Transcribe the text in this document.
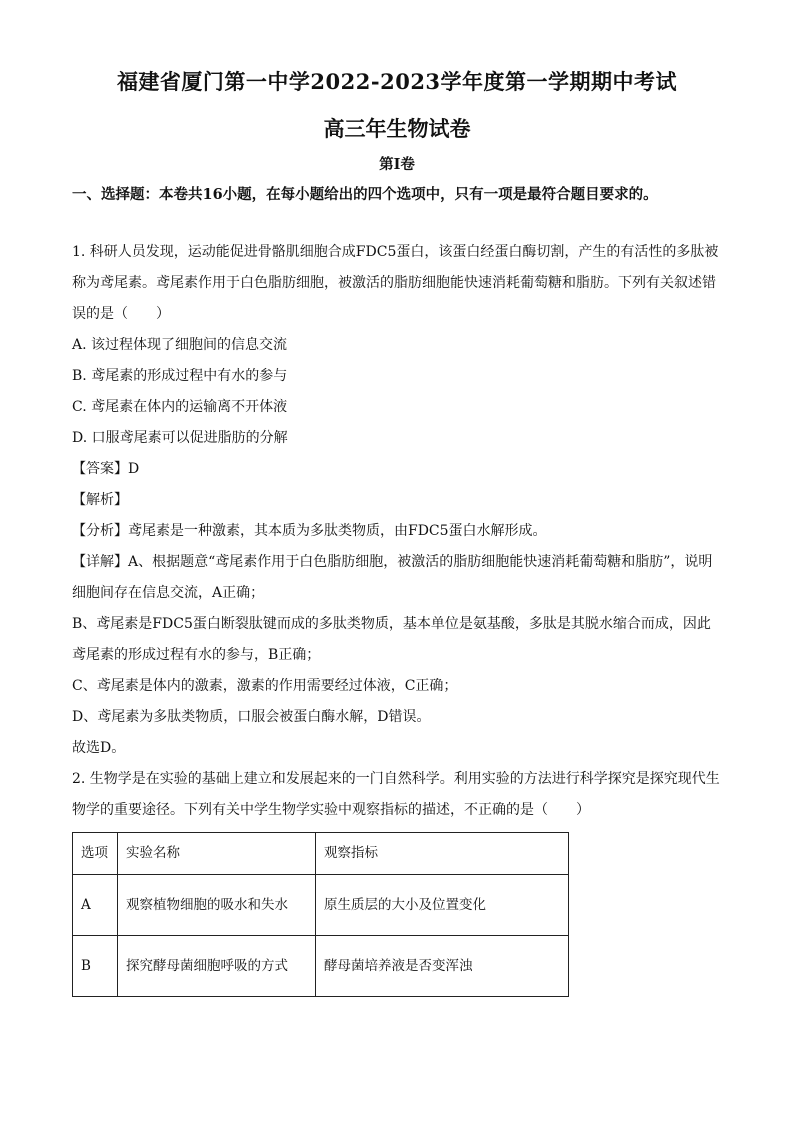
福建省厦门第一中学2022-2023学年度第一学期期中考试
高三年生物试卷
第I卷

一、选择题：本卷共16小题，在每小题给出的四个选项中，只有一项是最符合题目要求的。

1. 科研人员发现，运动能促进骨骼肌细胞合成FDC5蛋白，该蛋白经蛋白酶切割，产生的有活性的多肽被称为鸢尾素。鸢尾素作用于白色脂肪细胞，被激活的脂肪细胞能快速消耗葡萄糖和脂肪。下列有关叙述错误的是（　　）

A. 该过程体现了细胞间的信息交流

B. 鸢尾素的形成过程中有水的参与

C. 鸢尾素在体内的运输离不开体液

D. 口服鸢尾素可以促进脂肪的分解

【答案】D

【解析】

【分析】鸢尾素是一种激素，其本质为多肽类物质，由FDC5蛋白水解形成。

【详解】A、根据题意“鸢尾素作用于白色脂肪细胞，被激活的脂肪细胞能快速消耗葡萄糖和脂肪”，说明细胞间存在信息交流，A正确；

B、鸢尾素是FDC5蛋白断裂肽键而成的多肽类物质，基本单位是氨基酸，多肽是其脱水缩合而成，因此鸢尾素的形成过程有水的参与，B正确；

C、鸢尾素是体内的激素，激素的作用需要经过体液，C正确；

D、鸢尾素为多肽类物质，口服会被蛋白酶水解，D错误。

故选D。

2. 生物学是在实验的基础上建立和发展起来的一门自然科学。利用实验的方法进行科学探究是探究现代生物学的重要途径。下列有关中学生物学实验中观察指标的描述，不正确的是（　　）

选项	实验名称	观察指标
A	观察植物细胞的吸水和失水	原生质层的大小及位置变化
B	探究酵母菌细胞呼吸的方式	酵母菌培养液是否变浑浊
